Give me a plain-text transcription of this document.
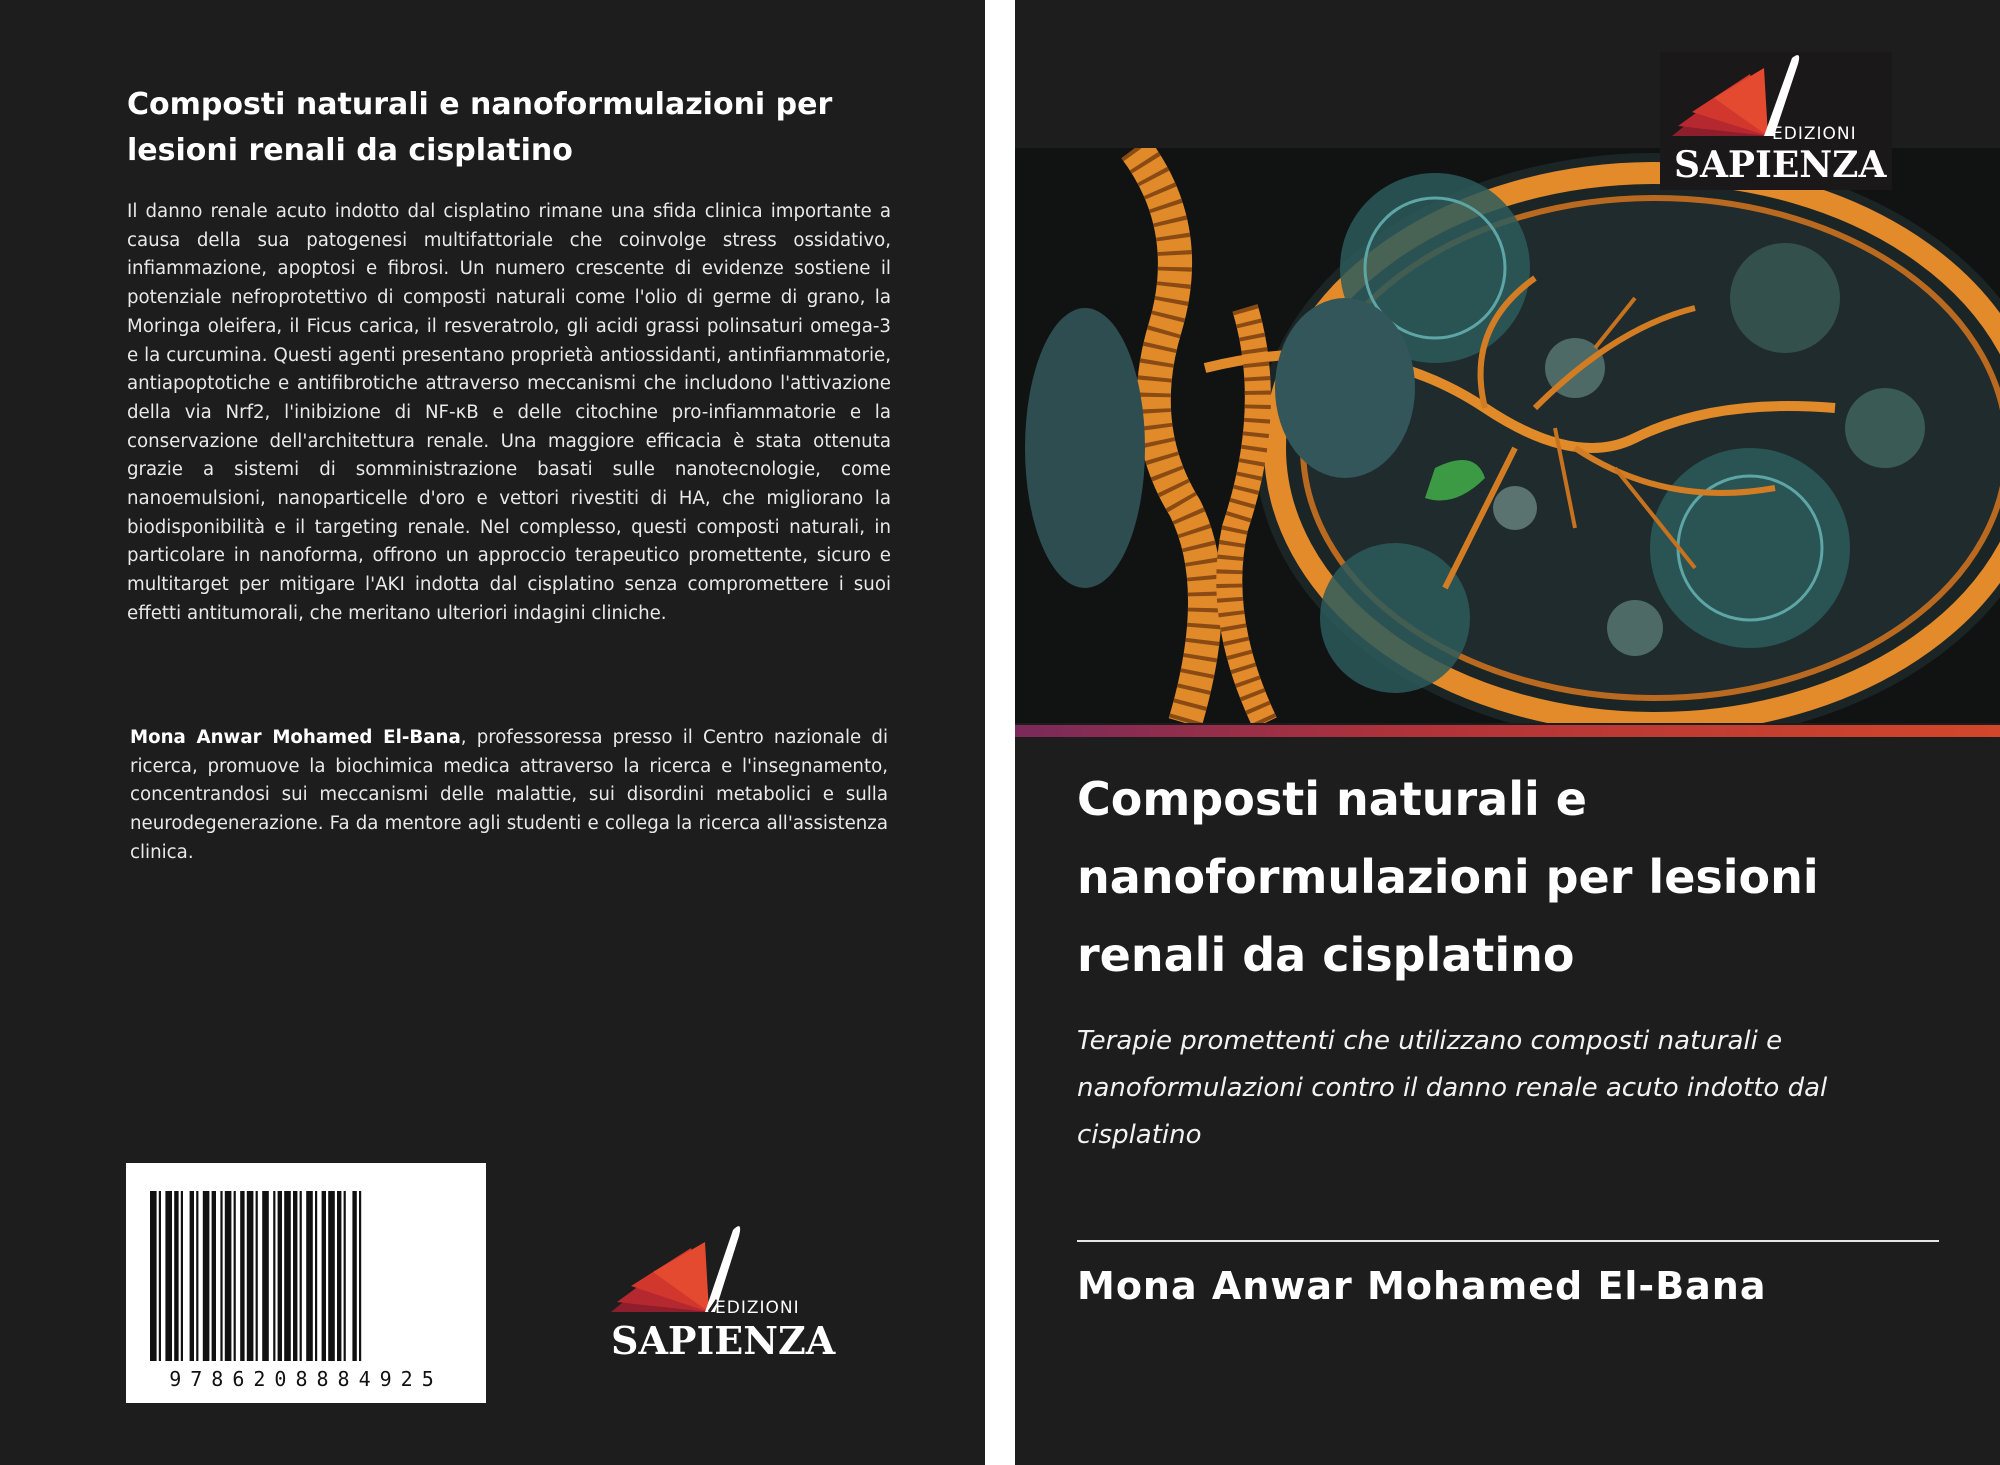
Composti naturali e nanoformulazioni per lesioni renali da cisplatino

Il danno renale acuto indotto dal cisplatino rimane una sfida clinica importante a causa della sua patogenesi multifattoriale che coinvolge stress ossidativo, infiammazione, apoptosi e fibrosi. Un numero crescente di evidenze sostiene il potenziale nefroprotettivo di composti naturali come l'olio di germe di grano, la Moringa oleifera, il Ficus carica, il resveratrolo, gli acidi grassi polinsaturi omega-3 e la curcumina. Questi agenti presentano proprietà antiossidanti, antinfiammatorie, antiapoptotiche e antifibrotiche attraverso meccanismi che includono l'attivazione della via Nrf2, l'inibizione di NF-κB e delle citochine pro-infiammatorie e la conservazione dell'architettura renale. Una maggiore efficacia è stata ottenuta grazie a sistemi di somministrazione basati sulle nanotecnologie, come nanoemulsioni, nanoparticelle d'oro e vettori rivestiti di HA, che migliorano la biodisponibilità e il targeting renale. Nel complesso, questi composti naturali, in particolare in nanoforma, offrono un approccio terapeutico promettente, sicuro e multitarget per mitigare l'AKI indotta dal cisplatino senza compromettere i suoi effetti antitumorali, che meritano ulteriori indagini cliniche.

Mona Anwar Mohamed El-Bana, professoressa presso il Centro nazionale di ricerca, promuove la biochimica medica attraverso la ricerca e l'insegnamento, concentrandosi sui meccanismi delle malattie, sui disordini metabolici e sulla neurodegenerazione. Fa da mentore agli studenti e collega la ricerca all'assistenza clinica.

9786208884925
EDIZIONI
SAPIENZA
EDIZIONI
SAPIENZA
Composti naturali e nanoformulazioni per lesioni renali da cisplatino

Terapie promettenti che utilizzano composti naturali e nanoformulazioni contro il danno renale acuto indotto dal cisplatino

Mona Anwar Mohamed El-Bana
